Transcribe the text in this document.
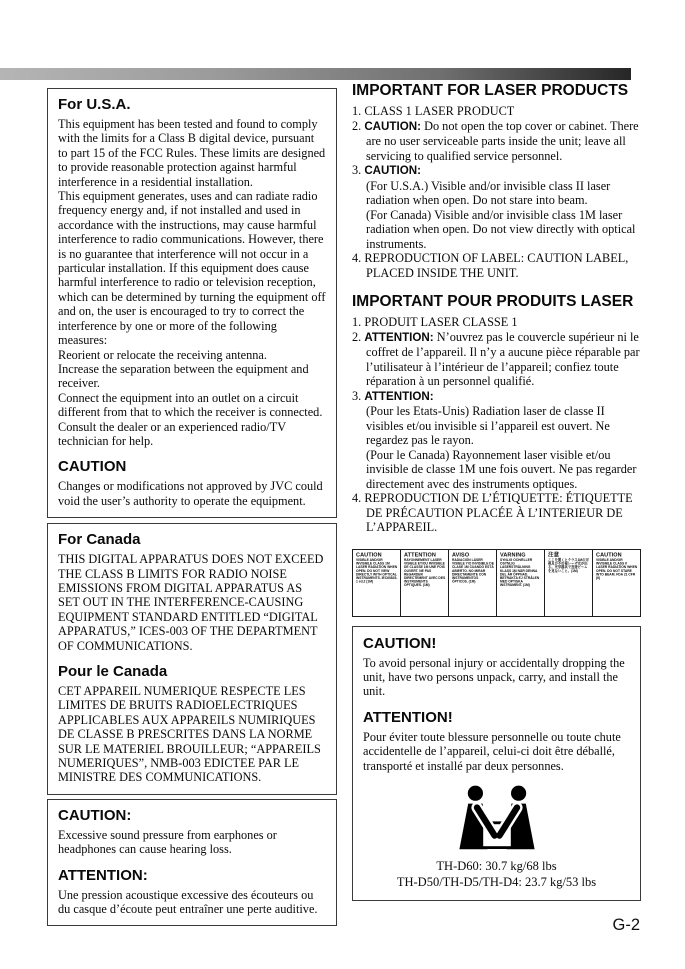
For U.S.A.

This equipment has been tested and found to comply with the limits for a Class B digital device, pursuant to part 15 of the FCC Rules. These limits are designed to provide reasonable protection against harmful interference in a residential installation.

This equipment generates, uses and can radiate radio frequency energy and, if not installed and used in accordance with the instructions, may cause harmful interference to radio communications. However, there is no guarantee that interference will not occur in a particular installation. If this equipment does cause harmful interference to radio or television reception, which can be determined by turning the equipment off and on, the user is encouraged to try to correct the interference by one or more of the following measures:

Reorient or relocate the receiving antenna.

Increase the separation between the equipment and receiver.

Connect the equipment into an outlet on a circuit different from that to which the receiver is connected.

Consult the dealer or an experienced radio/TV technician for help.

CAUTION

Changes or modifications not approved by JVC could void the user’s authority to operate the equipment.

For Canada

THIS DIGITAL APPARATUS DOES NOT EXCEED THE CLASS B LIMITS FOR RADIO NOISE EMISSIONS FROM DIGITAL APPARATUS AS SET OUT IN THE INTERFERENCE-CAUSING EQUIPMENT STANDARD ENTITLED “DIGITAL APPARATUS,” ICES-003 OF THE DEPARTMENT OF COMMUNICATIONS.

Pour le Canada

CET APPAREIL NUMERIQUE RESPECTE LES LIMITES DE BRUITS RADIOELECTRIQUES APPLICABLES AUX APPAREILS NUMIRIQUES DE CLASSE B PRESCRITES DANS LA NORME SUR LE MATERIEL BROUILLEUR; “APPAREILS NUMERIQUES”, NMB-003 EDICTEE PAR LE MINISTRE DES COMMUNICATIONS.

CAUTION:

Excessive sound pressure from earphones or headphones can cause hearing loss.

ATTENTION:

Une pression acoustique excessive des écouteurs ou du casque d’écoute peut entraîner une perte auditive.

IMPORTANT FOR LASER PRODUCTS
1. CLASS 1 LASER PRODUCT
2. CAUTION: Do not open the top cover or cabinet. There are no user serviceable parts inside the unit; leave all servicing to qualified service personnel.
3. CAUTION:
(For U.S.A.) Visible and/or invisible class II laser radiation when open. Do not stare into beam.
(For Canada) Visible and/or invisible class 1M laser radiation when open. Do not view directly with optical instruments.
4. REPRODUCTION OF LABEL: CAUTION LABEL, PLACED INSIDE THE UNIT.
IMPORTANT POUR PRODUITS LASER
1. PRODUIT LASER CLASSE 1
2. ATTENTION: N’ouvrez pas le couvercle supérieur ni le coffret de l’appareil. Il n’y a aucune pièce réparable par l’utilisateur à l’intérieur de l’appareil; confiez toute réparation à un personnel qualifié.
3. ATTENTION:
(Pour les Etats-Unis) Radiation laser de classe II visibles et/ou invisible si l’appareil est ouvert. Ne regardez pas le rayon.
(Pour le Canada) Rayonnement laser visible et/ou invisible de classe 1M une fois ouvert. Ne pas regarder directement avec des instruments optiques.
4. REPRODUCTION DE L’ÉTIQUETTE: ÉTIQUETTE DE PRÉCAUTION PLACÉE À L’INTERIEUR DE L’APPAREIL.
CAUTION
VISIBLE AND/OR INVISIBLE CLASS 1M LASER RADIATION WHEN OPEN. DO NOT VIEW DIRECTLY WITH OPTICAL INSTRUMENTS. IEC60825-1 ed.2 (1M)
ATTENTION
RAYONNEMENT LASER VISIBLE ET/OU INVISIBLE DE CLASSE 1M UNE FOIS OUVERT. NE PAS REGARDER DIRECTEMENT AVEC DES INSTRUMENTS OPTIQUES. (1M)
AVISO
RADIACIÓN LÁSER VISIBLE Y/O INVISIBLE DE CLASE 1M CUANDO ESTÁ ABIERTO. NO MIRAR DIRECTAMENTE CON INSTRUMENTOS ÓPTICOS. (1M)
VARNING
SYNLIG OCH/ELLER OSYNLIG LASERSTRÅLNING KLASS 1M NÄR DENNA DEL ÄR ÖPPNAD. BETRAKTA EJ STRÅLEN MED OPTISKA INSTRUMENT. (1M)
注意
ここを開くとクラス1Mの可視及び不可視レーザ光が出る。光学器具で直接ビームを見ないこと。(1M)
CAUTION
VISIBLE AND/OR INVISIBLE CLASS II LASER RADIATION WHEN OPEN. DO NOT STARE INTO BEAM. FDA 21 CFR (II)
CAUTION!

To avoid personal injury or accidentally dropping the unit, have two persons unpack, carry, and install the unit.

ATTENTION!

Pour éviter toute blessure personnelle ou toute chute accidentelle de l’appareil, celui-ci doit être déballé, transporté et installé par deux personnes.

TH-D60: 30.7 kg/68 lbs
TH-D50/TH-D5/TH-D4: 23.7 kg/53 lbs
G-2
